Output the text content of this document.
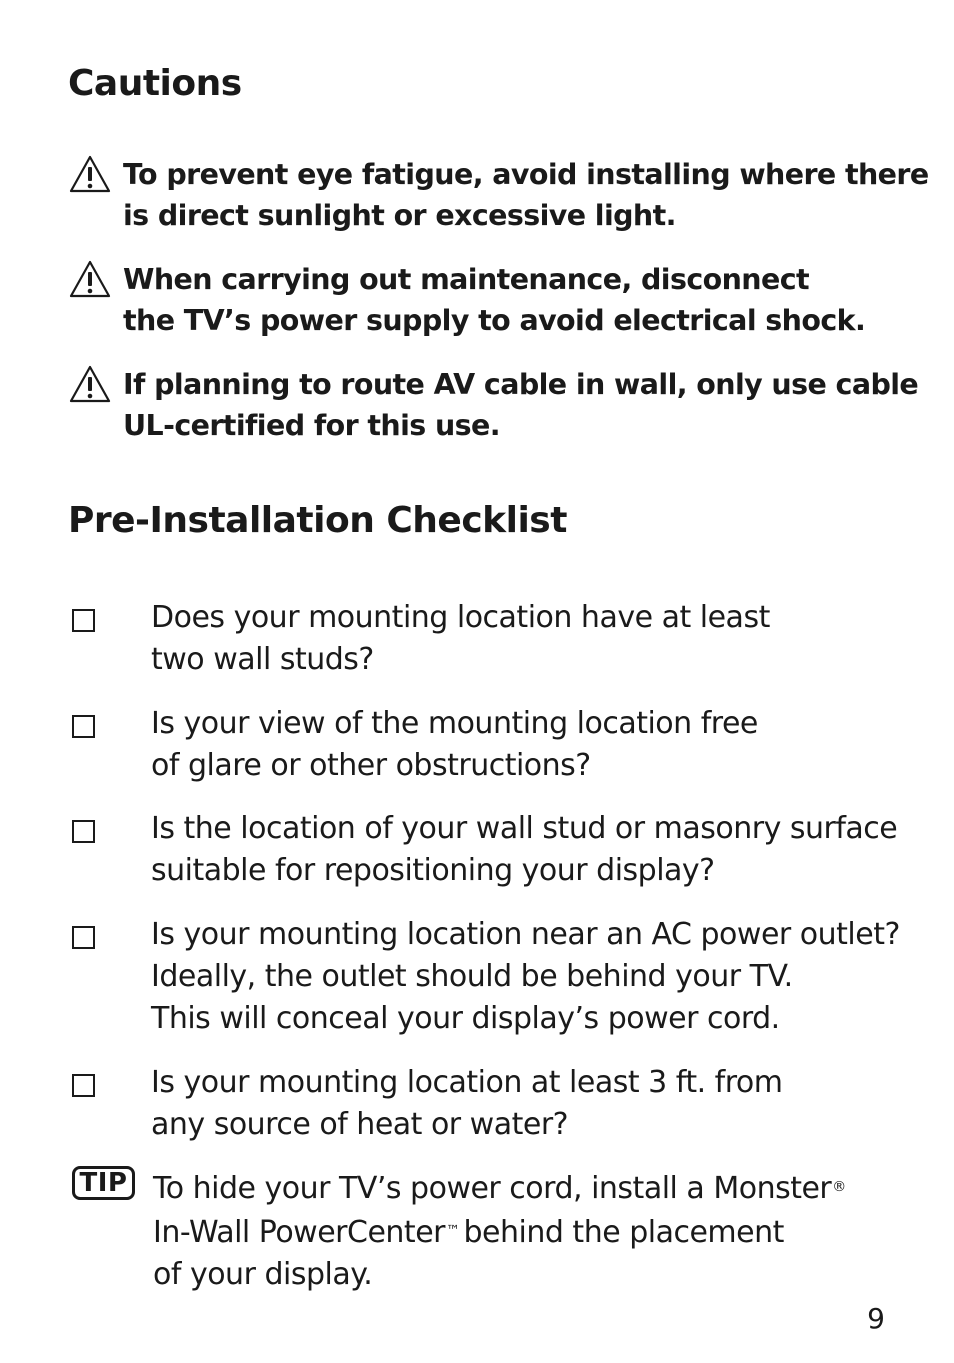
Cautions
To prevent eye fatigue, avoid installing where there
is direct sunlight or excessive light.
When carrying out maintenance, disconnect
the TV’s power supply to avoid electrical shock.
If planning to route AV cable in wall, only use cable
UL-certified for this use.
Pre-Installation Checklist
Does your mounting location have at least
two wall studs?
Is your view of the mounting location free
of glare or other obstructions?
Is the location of your wall stud or masonry surface
suitable for repositioning your display?
Is your mounting location near an AC power outlet?
Ideally, the outlet should be behind your TV.
This will conceal your display’s power cord.
Is your mounting location at least 3 ft. from
any source of heat or water?
TIP To hide your TV’s power cord, install a Monster®
In-Wall PowerCenter™ behind the placement
of your display.
9
